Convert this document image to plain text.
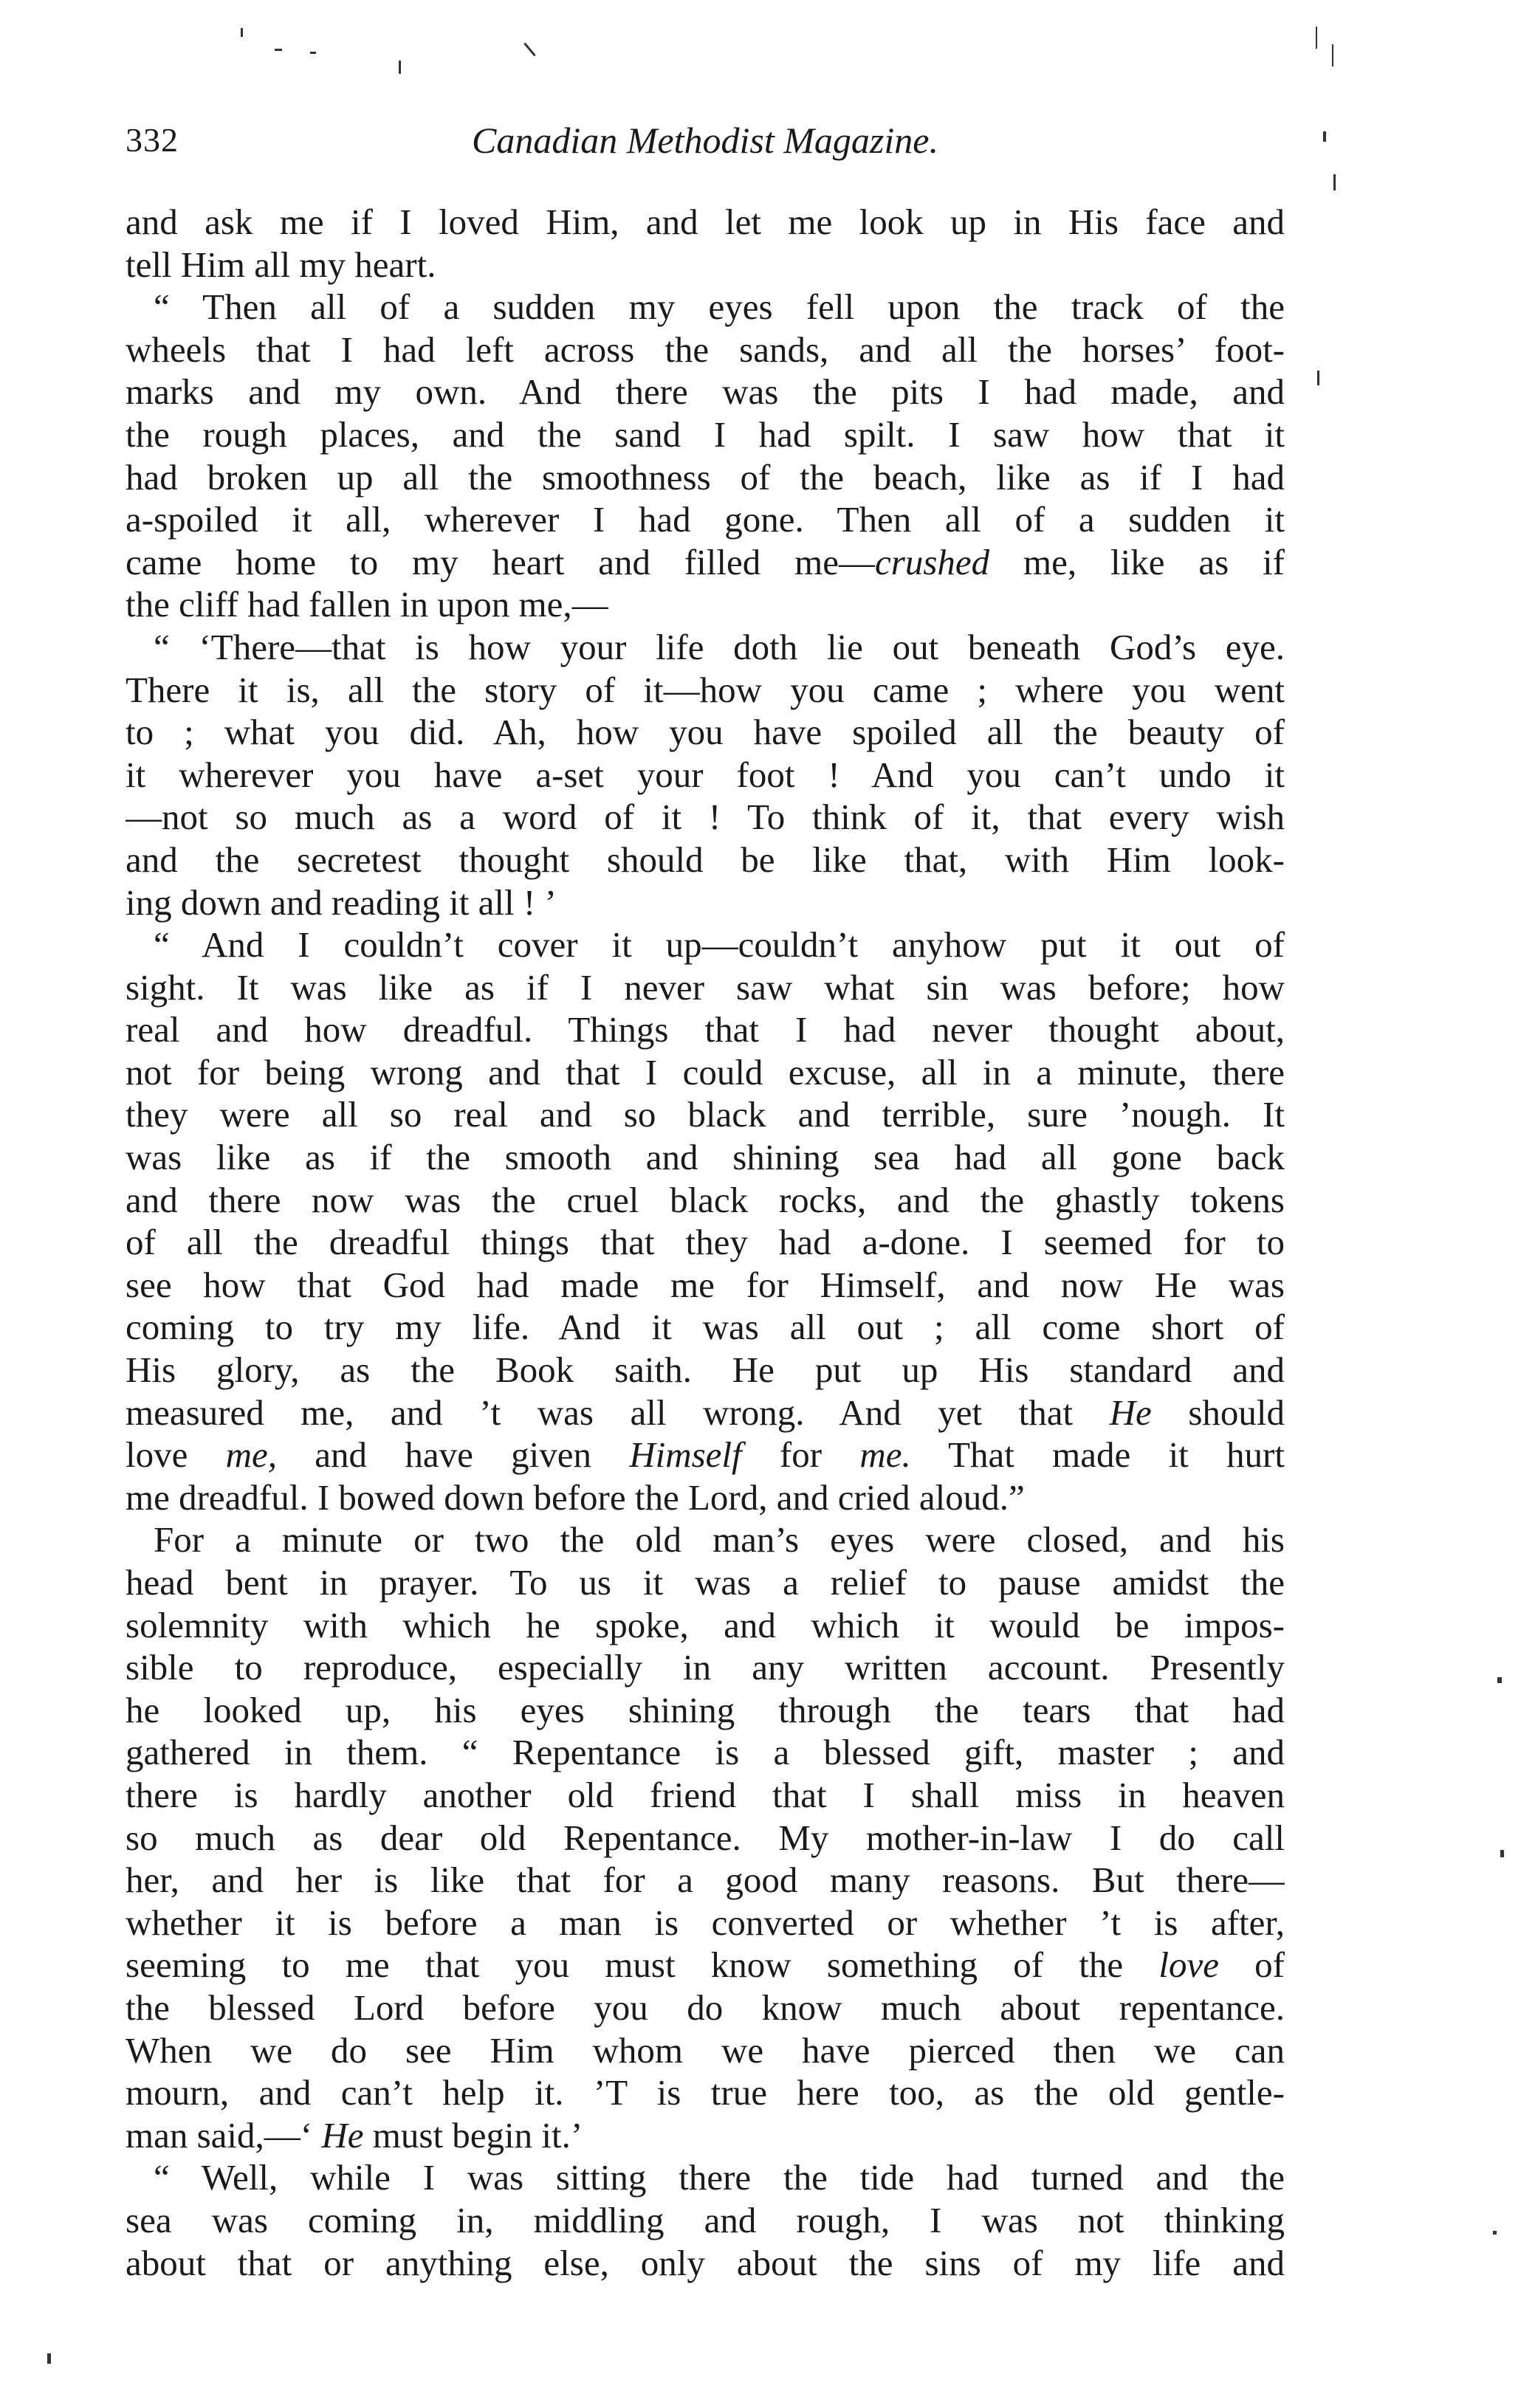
332	Canadian Methodist Magazine.
and ask me if I loved Him, and let me look up in His face and
tell Him all my heart.
“ Then all of a sudden my eyes fell upon the track of the
wheels that I had left across the sands, and all the horses’ foot-
marks and my own. And there was the pits I had made, and
the rough places, and the sand I had spilt. I saw how that it
had broken up all the smoothness of the beach, like as if I had
a-spoiled it all, wherever I had gone. Then all of a sudden it
came home to my heart and filled me—crushed me, like as if
the cliff had fallen in upon me,—
“ ‘There—that is how your life doth lie out beneath God’s eye.
There it is, all the story of it—how you came ; where you went
to ; what you did. Ah, how you have spoiled all the beauty of
it wherever you have a-set your foot ! And you can’t undo it
—not so much as a word of it ! To think of it, that every wish
and the secretest thought should be like that, with Him look-
ing down and reading it all ! ’
“ And I couldn’t cover it up—couldn’t anyhow put it out of
sight. It was like as if I never saw what sin was before; how
real and how dreadful. Things that I had never thought about,
not for being wrong and that I could excuse, all in a minute, there
they were all so real and so black and terrible, sure ’nough. It
was like as if the smooth and shining sea had all gone back
and there now was the cruel black rocks, and the ghastly tokens
of all the dreadful things that they had a-done. I seemed for to
see how that God had made me for Himself, and now He was
coming to try my life. And it was all out ; all come short of
His glory, as the Book saith. He put up His standard and
measured me, and ’t was all wrong. And yet that He should
love me, and have given Himself for me. That made it hurt
me dreadful. I bowed down before the Lord, and cried aloud.”
For a minute or two the old man’s eyes were closed, and his
head bent in prayer. To us it was a relief to pause amidst the
solemnity with which he spoke, and which it would be impos-
sible to reproduce, especially in any written account. Presently
he looked up, his eyes shining through the tears that had
gathered in them. “ Repentance is a blessed gift, master ; and
there is hardly another old friend that I shall miss in heaven
so much as dear old Repentance. My mother-in-law I do call
her, and her is like that for a good many reasons. But there—
whether it is before a man is converted or whether ’t is after,
seeming to me that you must know something of the love of
the blessed Lord before you do know much about repentance.
When we do see Him whom we have pierced then we can
mourn, and can’t help it. ’T is true here too, as the old gentle-
man said,—‘ He must begin it.’
“ Well, while I was sitting there the tide had turned and the
sea was coming in, middling and rough, I was not thinking
about that or anything else, only about the sins of my life and
